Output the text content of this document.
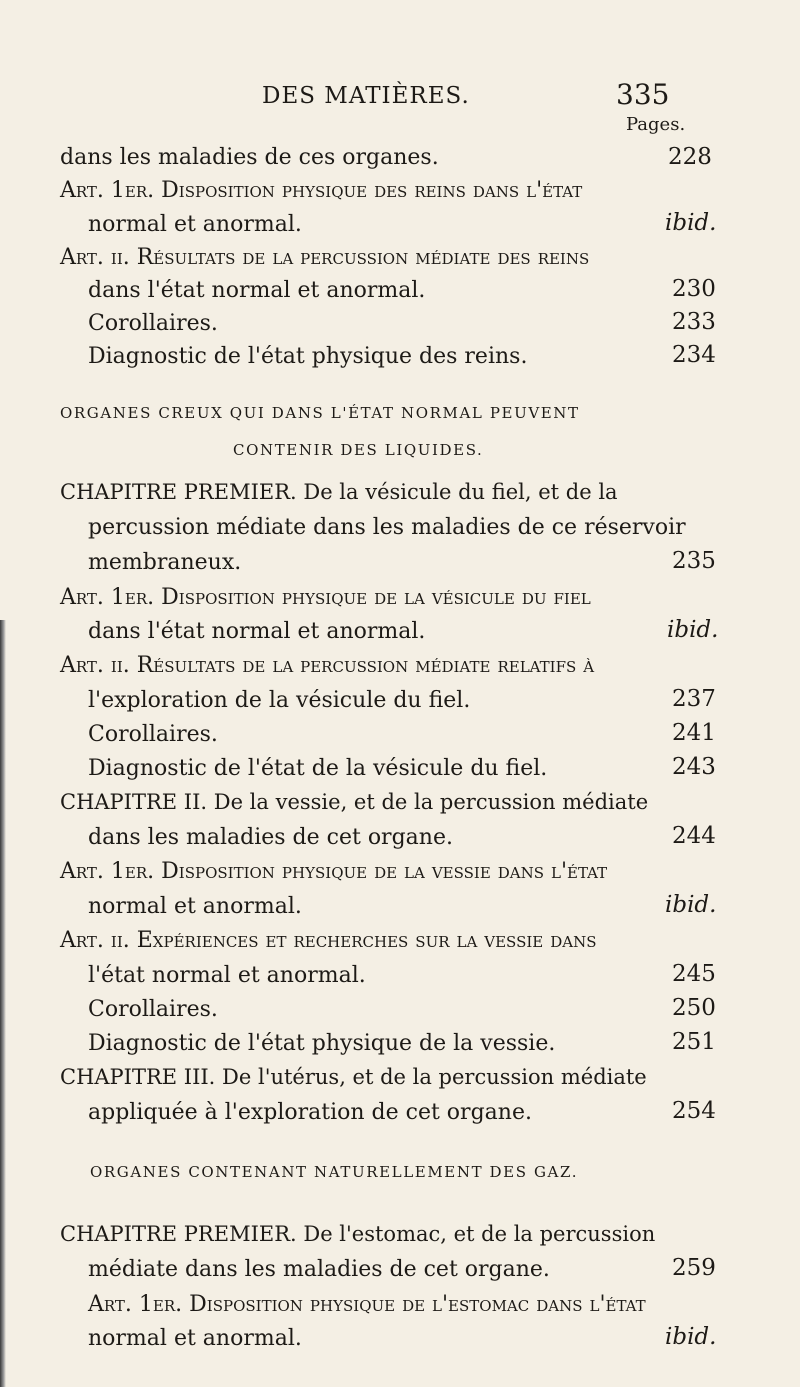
DES MATIÈRES.	335
Pages.
dans les maladies de ces organes.	228
Art. 1er. Disposition physique des reins dans l'état
normal et anormal.	ibid.
Art. ii. Résultats de la percussion médiate des reins
dans l'état normal et anormal.	230
Corollaires.	233
Diagnostic de l'état physique des reins.	234
ORGANES CREUX QUI DANS L'ÉTAT NORMAL PEUVENT
CONTENIR DES LIQUIDES.
CHAPITRE PREMIER. De la vésicule du fiel, et de la
percussion médiate dans les maladies de ce réservoir
membraneux.	235
Art. 1er. Disposition physique de la vésicule du fiel
dans l'état normal et anormal.	ibid.
Art. ii. Résultats de la percussion médiate relatifs à
l'exploration de la vésicule du fiel.	237
Corollaires.	241
Diagnostic de l'état de la vésicule du fiel.	243
CHAPITRE II. De la vessie, et de la percussion médiate
dans les maladies de cet organe.	244
Art. 1er. Disposition physique de la vessie dans l'état
normal et anormal.	ibid.
Art. ii. Expériences et recherches sur la vessie dans
l'état normal et anormal.	245
Corollaires.	250
Diagnostic de l'état physique de la vessie.	251
CHAPITRE III. De l'utérus, et de la percussion médiate
appliquée à l'exploration de cet organe.	254
ORGANES CONTENANT NATURELLEMENT DES GAZ.
CHAPITRE PREMIER. De l'estomac, et de la percussion
médiate dans les maladies de cet organe.	259
Art. 1er. Disposition physique de l'estomac dans l'état
normal et anormal.	ibid.
